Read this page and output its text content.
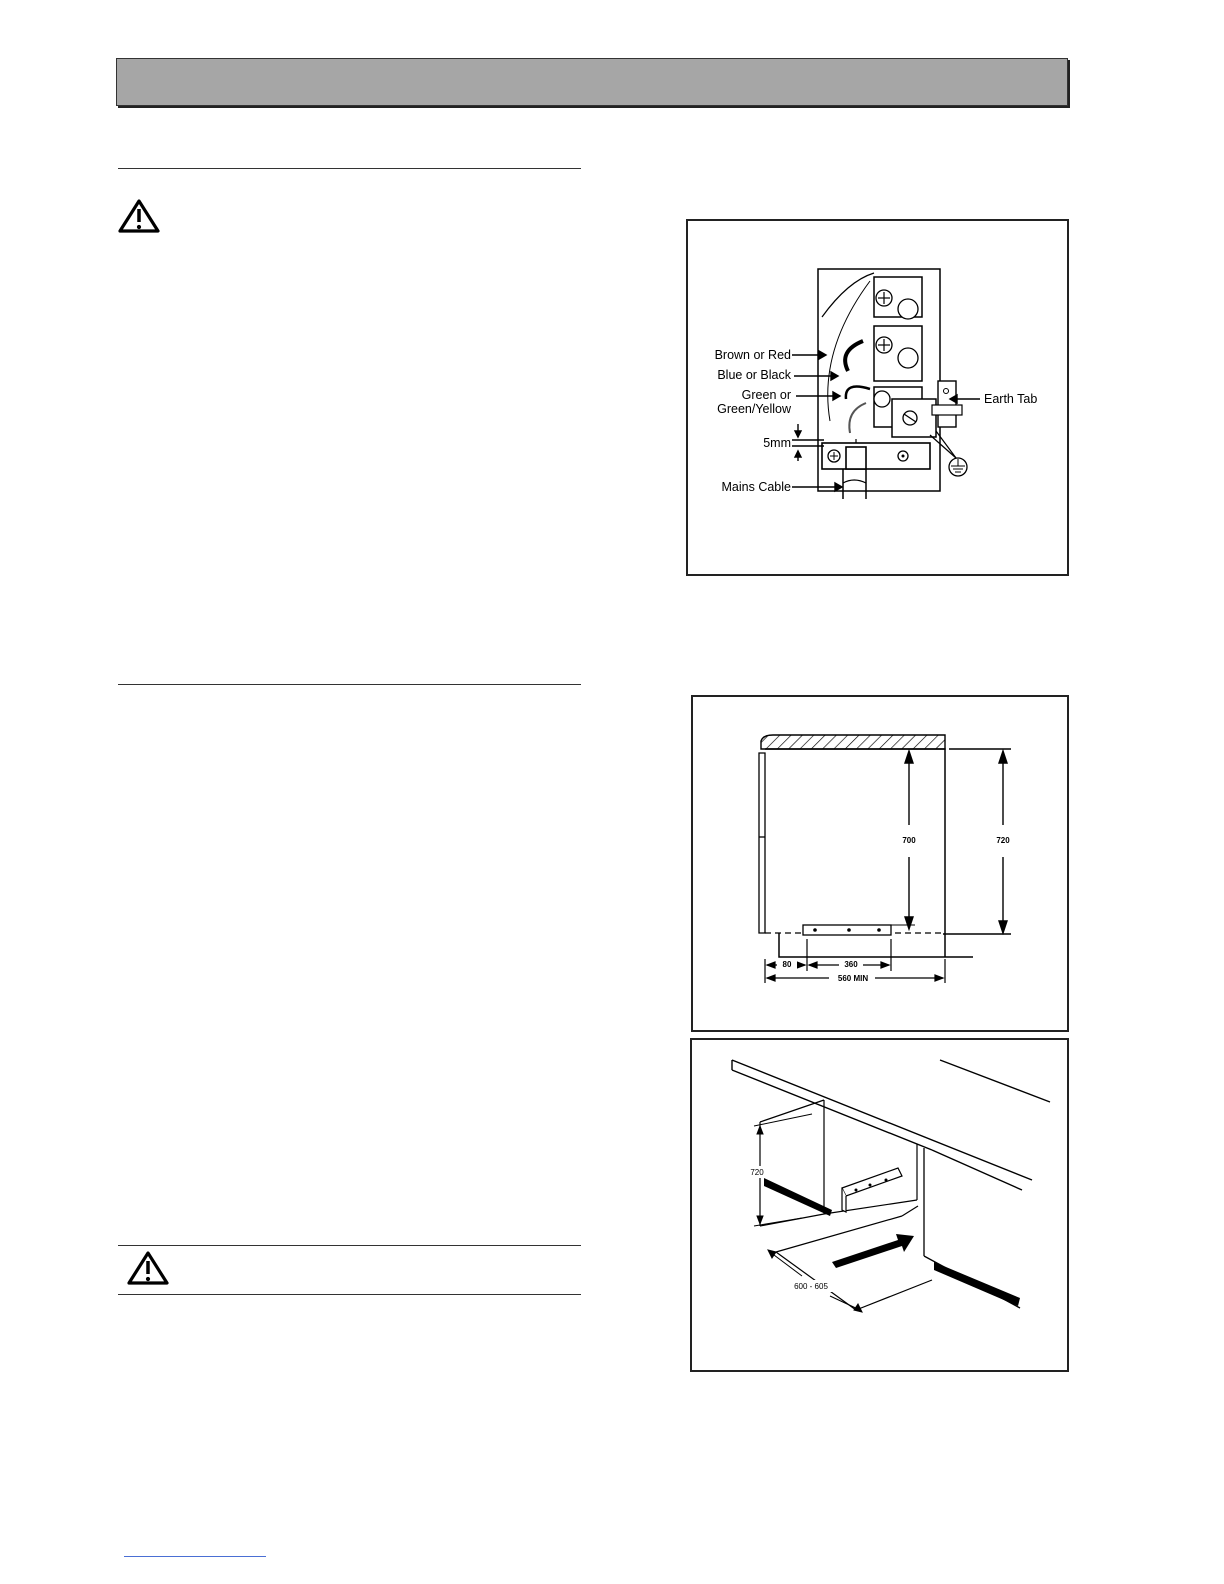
Brown or Red
Blue or Black
Green or
Green/Yellow
5mm
Mains Cable
Earth Tab
700	720
80	360
560 MIN
720
600 - 605
